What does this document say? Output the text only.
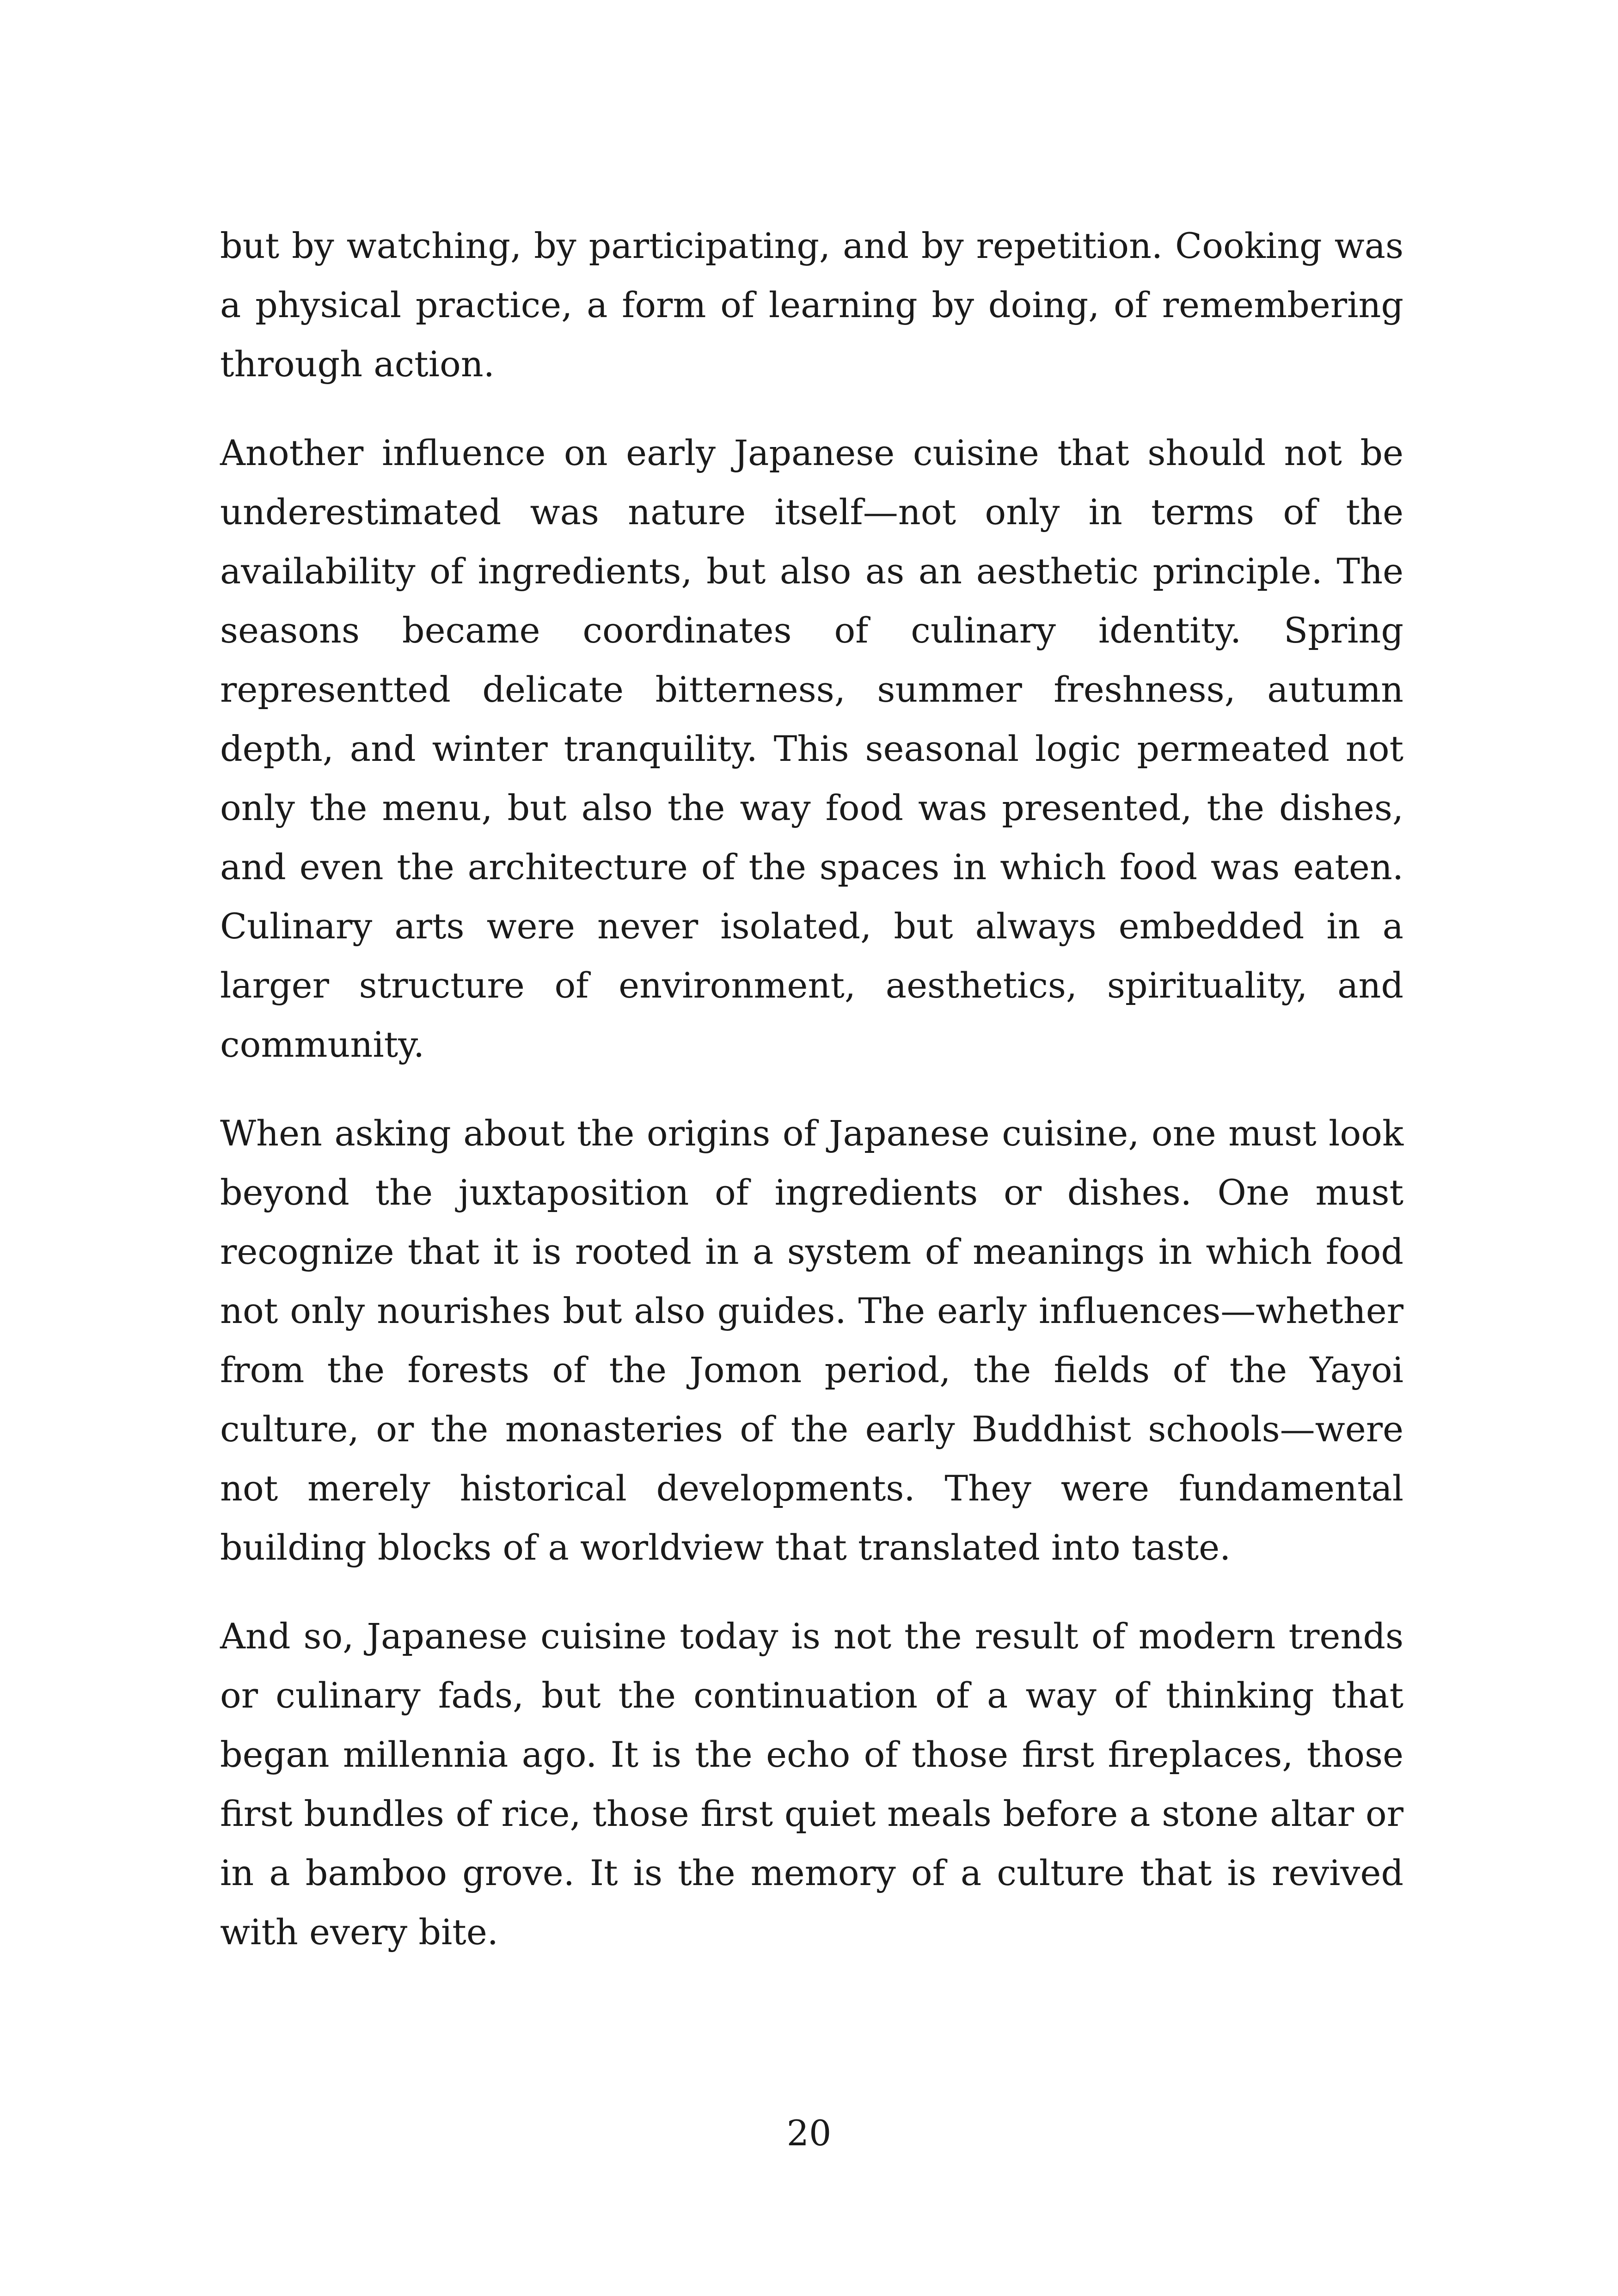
but by watching, by participating, and by repetition. Cooking was a physical practice, a form of learning by doing, of remembering through action.

Another influence on early Japanese cuisine that should not be underestimated was nature itself—not only in terms of the availability of ingredients, but also as an aesthetic principle. The seasons became coordinates of culinary identity. Spring representted delicate bitterness, summer freshness, autumn depth, and winter tranquility. This seasonal logic permeated not only the menu, but also the way food was presented, the dishes, and even the architecture of the spaces in which food was eaten. Culinary arts were never isolated, but always embedded in a larger structure of environment, aesthetics, spirituality, and community.

When asking about the origins of Japanese cuisine, one must look beyond the juxtaposition of ingredients or dishes. One must recognize that it is rooted in a system of meanings in which food not only nourishes but also guides. The early influences—whether from the forests of the Jomon period, the fields of the Yayoi culture, or the monasteries of the early Buddhist schools—were not merely historical developments. They were fundamental building blocks of a worldview that translated into taste.

And so, Japanese cuisine today is not the result of modern trends or culinary fads, but the continuation of a way of thinking that began millennia ago. It is the echo of those first fireplaces, those first bundles of rice, those first quiet meals before a stone altar or in a bamboo grove. It is the memory of a culture that is revived with every bite.

20
